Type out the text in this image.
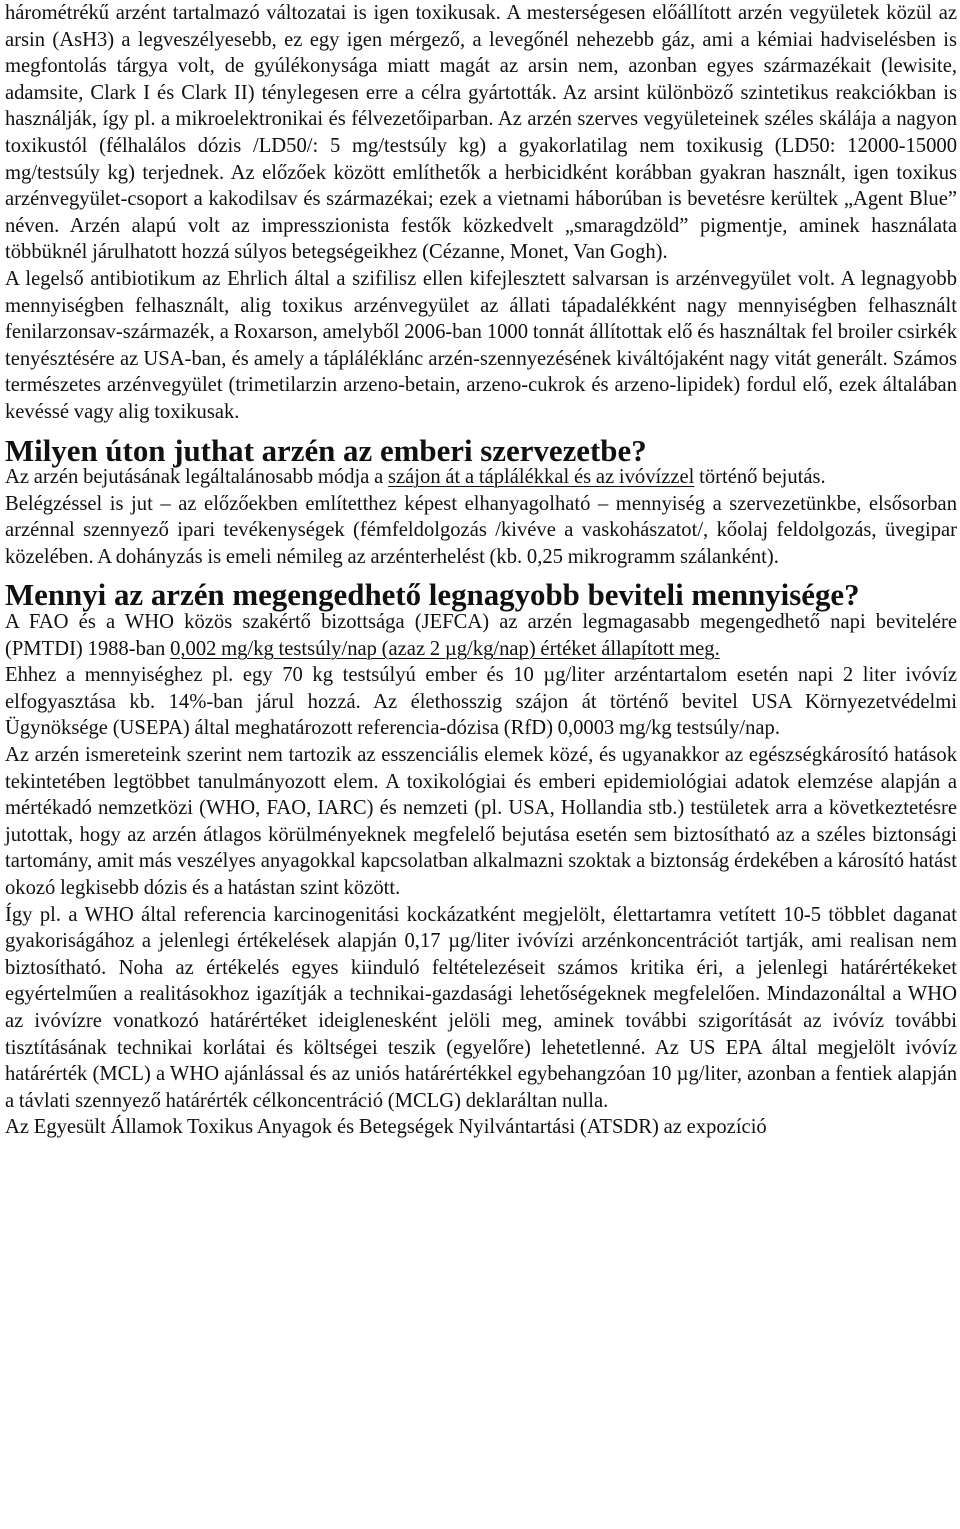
hárométrékű arzént tartalmazó változatai is igen toxikusak. A mesterségesen előállított arzén vegyületek közül az arsin (AsH3) a legveszélyesebb, ez egy igen mérgező, a levegőnél nehezebb gáz, ami a kémiai hadviselésben is megfontolás tárgya volt, de gyúlékonysága miatt magát az arsin nem, azonban egyes származékait (lewisite, adamsite, Clark I és Clark II) ténylegesen erre a célra gyártották. Az arsint különböző szintetikus reakciókban is használják, így pl. a mikroelektronikai és félvezetőiparban. Az arzén szerves vegyületeinek széles skálája a nagyon toxikustól (félhalálos dózis /LD50/: 5 mg/testsúly kg) a gyakorlatilag nem toxikusig (LD50: 12000-15000 mg/testsúly kg) terjednek. Az előzőek között említhetők a herbicidként korábban gyakran használt, igen toxikus arzénvegyület-csoport a kakodilsav és származékai; ezek a vietnami háborúban is bevetésre kerültek „Agent Blue” néven. Arzén alapú volt az impresszionista festők közkedvelt „smaragdzöld” pigmentje, aminek használata többüknél járulhatott hozzá súlyos betegségeikhez (Cézanne, Monet, Van Gogh).

A legelső antibiotikum az Ehrlich által a szifilisz ellen kifejlesztett salvarsan is arzénvegyület volt. A legnagyobb mennyiségben felhasznált, alig toxikus arzénvegyület az állati tápadalékként nagy mennyiségben felhasznált fenilarzonsav-származék, a Roxarson, amelyből 2006-ban 1000 tonnát állítottak elő és használtak fel broiler csirkék tenyésztésére az USA-ban, és amely a tápláléklánc arzén-szennyezésének kiváltójaként nagy vitát generált. Számos természetes arzénvegyület (trimetilarzin arzeno-betain, arzeno-cukrok és arzeno-lipidek) fordul elő, ezek általában kevéssé vagy alig toxikusak.

Milyen úton juthat arzén az emberi szervezetbe?

Az arzén bejutásának legáltalánosabb módja a szájon át a táplálékkal és az ivóvízzel történő bejutás.

Belégzéssel is jut – az előzőekben említetthez képest elhanyagolható – mennyiség a szervezetünkbe, elsősorban arzénnal szennyező ipari tevékenységek (fémfeldolgozás /kivéve a vaskohászatot/, kőolaj feldolgozás, üvegipar közelében. A dohányzás is emeli némileg az arzénterhelést (kb. 0,25 mikrogramm szálanként).

Mennyi az arzén megengedhető legnagyobb beviteli mennyisége?

A FAO és a WHO közös szakértő bizottsága (JEFCA) az arzén legmagasabb megengedhető napi bevitelére (PMTDI) 1988-ban 0,002 mg/kg testsúly/nap (azaz 2 µg/kg/nap) értéket állapított meg.

Ehhez a mennyiséghez pl. egy 70 kg testsúlyú ember és 10 µg/liter arzéntartalom esetén napi 2 liter ivóvíz elfogyasztása kb. 14%-ban járul hozzá. Az élethosszig szájon át történő bevitel USA Környezetvédelmi Ügynöksége (USEPA) által meghatározott referencia-dózisa (RfD) 0,0003 mg/kg testsúly/nap.

Az arzén ismereteink szerint nem tartozik az esszenciális elemek közé, és ugyanakkor az egészségkárosító hatások tekintetében legtöbbet tanulmányozott elem. A toxikológiai és emberi epidemiológiai adatok elemzése alapján a mértékadó nemzetközi (WHO, FAO, IARC) és nemzeti (pl. USA, Hollandia stb.) testületek arra a következtetésre jutottak, hogy az arzén átlagos körülményeknek megfelelő bejutása esetén sem biztosítható az a széles biztonsági tartomány, amit más veszélyes anyagokkal kapcsolatban alkalmazni szoktak a biztonság érdekében a károsító hatást okozó legkisebb dózis és a hatástan szint között.

Így pl. a WHO által referencia karcinogenitási kockázatként megjelölt, élettartamra vetített 10-5 többlet daganat gyakoriságához a jelenlegi értékelések alapján 0,17 µg/liter ivóvízi arzénkoncentrációt tartják, ami realisan nem biztosítható. Noha az értékelés egyes kiinduló feltételezéseit számos kritika éri, a jelenlegi határértékeket egyértelműen a realitásokhoz igazítják a technikai-gazdasági lehetőségeknek megfelelően. Mindazonáltal a WHO az ivóvízre vonatkozó határértéket ideiglenesként jelöli meg, aminek további szigorítását az ivóvíz további tisztításának technikai korlátai és költségei teszik (egyelőre) lehetetlenné. Az US EPA által megjelölt ivóvíz határérték (MCL) a WHO ajánlással és az uniós határértékkel egybehangzóan 10 µg/liter, azonban a fentiek alapján a távlati szennyező határérték célkoncentráció (MCLG) deklaráltan nulla.

Az Egyesült Államok Toxikus Anyagok és Betegségek Nyilvántartási (ATSDR) az expozíció
